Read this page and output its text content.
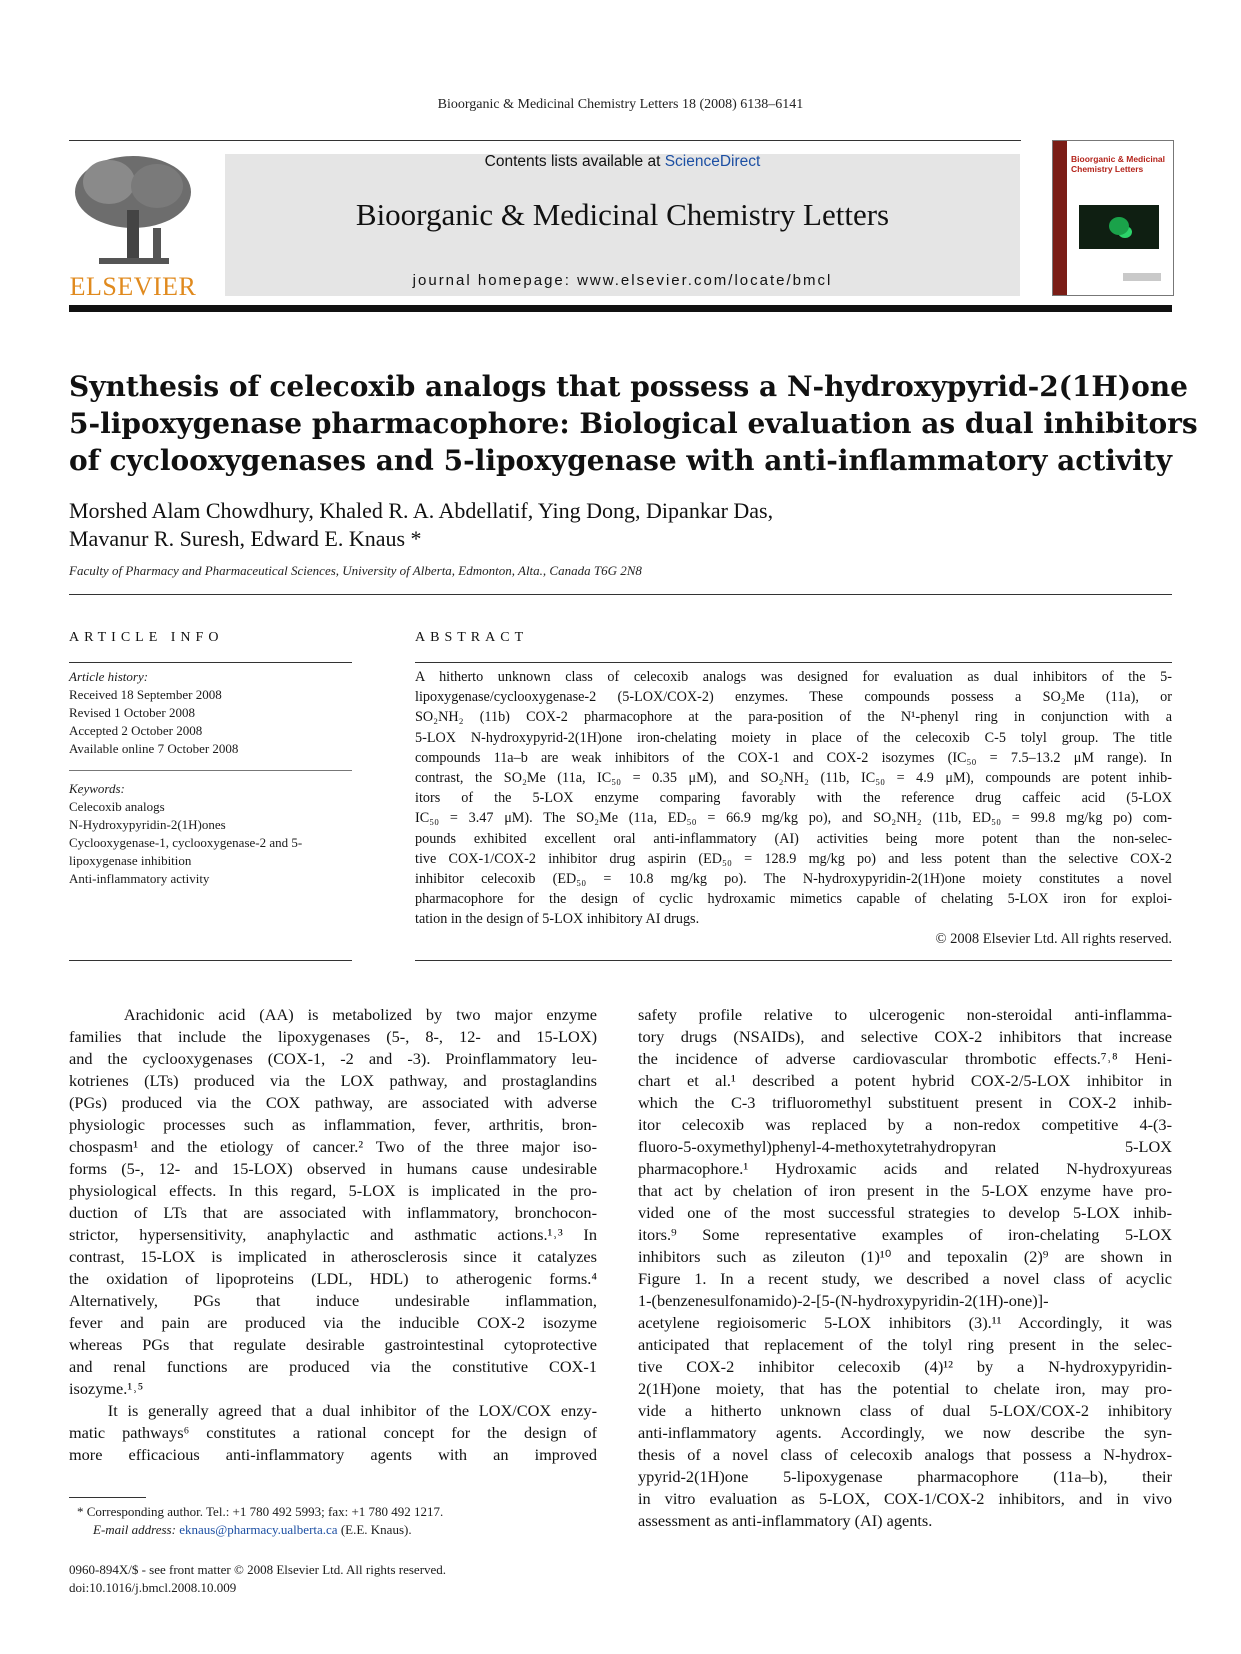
Bioorganic & Medicinal Chemistry Letters 18 (2008) 6138–6141
ELSEVIER
Contents lists available at ScienceDirect
Bioorganic & Medicinal Chemistry Letters
journal homepage: www.elsevier.com/locate/bmcl
Bioorganic & Medicinal Chemistry Letters
Synthesis of celecoxib analogs that possess a N-hydroxypyrid-2(1H)one
5-lipoxygenase pharmacophore: Biological evaluation as dual inhibitors
of cyclooxygenases and 5-lipoxygenase with anti-inflammatory activity
Morshed Alam Chowdhury, Khaled R. A. Abdellatif, Ying Dong, Dipankar Das,
Mavanur R. Suresh, Edward E. Knaus *
Faculty of Pharmacy and Pharmaceutical Sciences, University of Alberta, Edmonton, Alta., Canada T6G 2N8
ARTICLE INFO	ABSTRACT
Article history:
Received 18 September 2008
Revised 1 October 2008
Accepted 2 October 2008
Available online 7 October 2008
Keywords:
Celecoxib analogs
N-Hydroxypyridin-2(1H)ones
Cyclooxygenase-1, cyclooxygenase-2 and 5-
lipoxygenase inhibition
Anti-inflammatory activity
A hitherto unknown class of celecoxib analogs was designed for evaluation as dual inhibitors of the 5-
lipoxygenase/cyclooxygenase-2 (5-LOX/COX-2) enzymes. These compounds possess a SO₂Me (11a), or
SO₂NH₂ (11b) COX-2 pharmacophore at the para-position of the N¹-phenyl ring in conjunction with a
5-LOX N-hydroxypyrid-2(1H)one iron-chelating moiety in place of the celecoxib C-5 tolyl group. The title
compounds 11a–b are weak inhibitors of the COX-1 and COX-2 isozymes (IC₅₀ = 7.5–13.2 μM range). In
contrast, the SO₂Me (11a, IC₅₀ = 0.35 μM), and SO₂NH₂ (11b, IC₅₀ = 4.9 μM), compounds are potent inhib-
itors of the 5-LOX enzyme comparing favorably with the reference drug caffeic acid (5-LOX
IC₅₀ = 3.47 μM). The SO₂Me (11a, ED₅₀ = 66.9 mg/kg po), and SO₂NH₂ (11b, ED₅₀ = 99.8 mg/kg po) com-
pounds exhibited excellent oral anti-inflammatory (AI) activities being more potent than the non-selec-
tive COX-1/COX-2 inhibitor drug aspirin (ED₅₀ = 128.9 mg/kg po) and less potent than the selective COX-2
inhibitor celecoxib (ED₅₀ = 10.8 mg/kg po). The N-hydroxypyridin-2(1H)one moiety constitutes a novel
pharmacophore for the design of cyclic hydroxamic mimetics capable of chelating 5-LOX iron for exploi-
tation in the design of 5-LOX inhibitory AI drugs.
© 2008 Elsevier Ltd. All rights reserved.
Arachidonic acid (AA) is metabolized by two major enzyme
families that include the lipoxygenases (5-, 8-, 12- and 15-LOX)
and the cyclooxygenases (COX-1, -2 and -3). Proinflammatory leu-
kotrienes (LTs) produced via the LOX pathway, and prostaglandins
(PGs) produced via the COX pathway, are associated with adverse
physiologic processes such as inflammation, fever, arthritis, bron-
chospasm¹ and the etiology of cancer.² Two of the three major iso-
forms (5-, 12- and 15-LOX) observed in humans cause undesirable
physiological effects. In this regard, 5-LOX is implicated in the pro-
duction of LTs that are associated with inflammatory, bronchocon-
strictor, hypersensitivity, anaphylactic and asthmatic actions.¹˒³ In
contrast, 15-LOX is implicated in atherosclerosis since it catalyzes
the oxidation of lipoproteins (LDL, HDL) to atherogenic forms.⁴
Alternatively, PGs that induce undesirable inflammation,
fever and pain are produced via the inducible COX-2 isozyme
whereas PGs that regulate desirable gastrointestinal cytoprotective
and renal functions are produced via the constitutive COX-1
isozyme.¹˒⁵
It is generally agreed that a dual inhibitor of the LOX/COX enzy-
matic pathways⁶ constitutes a rational concept for the design of
more efficacious anti-inflammatory agents with an improved
safety profile relative to ulcerogenic non-steroidal anti-inflamma-
tory drugs (NSAIDs), and selective COX-2 inhibitors that increase
the incidence of adverse cardiovascular thrombotic effects.⁷˒⁸ Heni-
chart et al.¹ described a potent hybrid COX-2/5-LOX inhibitor in
which the C-3 trifluoromethyl substituent present in COX-2 inhib-
itor celecoxib was replaced by a non-redox competitive 4-(3-
fluoro-5-oxymethyl)phenyl-4-methoxytetrahydropyran 5-LOX
pharmacophore.¹ Hydroxamic acids and related N-hydroxyureas
that act by chelation of iron present in the 5-LOX enzyme have pro-
vided one of the most successful strategies to develop 5-LOX inhib-
itors.⁹ Some representative examples of iron-chelating 5-LOX
inhibitors such as zileuton (1)¹⁰ and tepoxalin (2)⁹ are shown in
Figure 1. In a recent study, we described a novel class of acyclic
1-(benzenesulfonamido)-2-[5-(N-hydroxypyridin-2(1H)-one)]-
acetylene regioisomeric 5-LOX inhibitors (3).¹¹ Accordingly, it was
anticipated that replacement of the tolyl ring present in the selec-
tive COX-2 inhibitor celecoxib (4)¹² by a N-hydroxypyridin-
2(1H)one moiety, that has the potential to chelate iron, may pro-
vide a hitherto unknown class of dual 5-LOX/COX-2 inhibitory
anti-inflammatory agents. Accordingly, we now describe the syn-
thesis of a novel class of celecoxib analogs that possess a N-hydrox-
ypyrid-2(1H)one 5-lipoxygenase pharmacophore (11a–b), their
in vitro evaluation as 5-LOX, COX-1/COX-2 inhibitors, and in vivo
assessment as anti-inflammatory (AI) agents.
* Corresponding author. Tel.: +1 780 492 5993; fax: +1 780 492 1217.
E-mail address: eknaus@pharmacy.ualberta.ca (E.E. Knaus).
0960-894X/$ - see front matter © 2008 Elsevier Ltd. All rights reserved.
doi:10.1016/j.bmcl.2008.10.009
